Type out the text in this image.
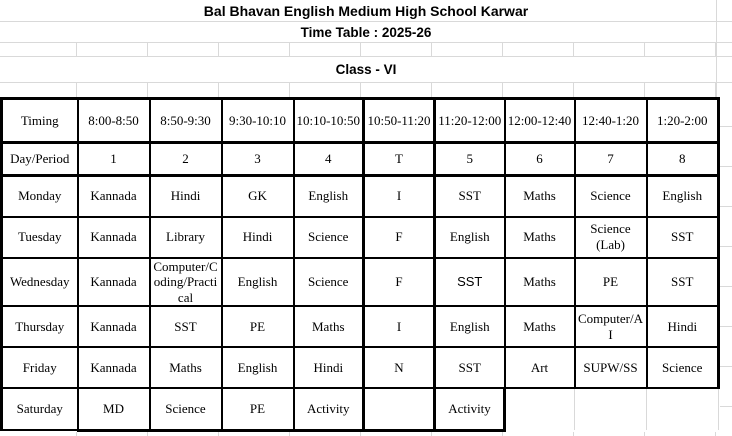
Bal Bhavan English Medium High School Karwar
Time Table : 2025-26
Class - VI
Timing	8:00-8:50	8:50-9:30	9:30-10:10	10:10-10:50	10:50-11:20	11:20-12:00	12:00-12:40	12:40-1:20	1:20-2:00
Day/Period	1	2	3	4	T	5	6	7	8
Monday	Kannada	Hindi	GK	English	I	SST	Maths	Science	English
Tuesday	Kannada	Library	Hindi	Science	F	English	Maths	Science (Lab)	SST
Wednesday	Kannada	Computer/Coding/Practical	English	Science	F	SST	Maths	PE	SST
Thursday	Kannada	SST	PE	Maths	I	English	Maths	Computer/AI	Hindi
Friday	Kannada	Maths	English	Hindi	N	SST	Art	SUPW/SS	Science
Saturday	MD	Science	PE	Activity		Activity			
